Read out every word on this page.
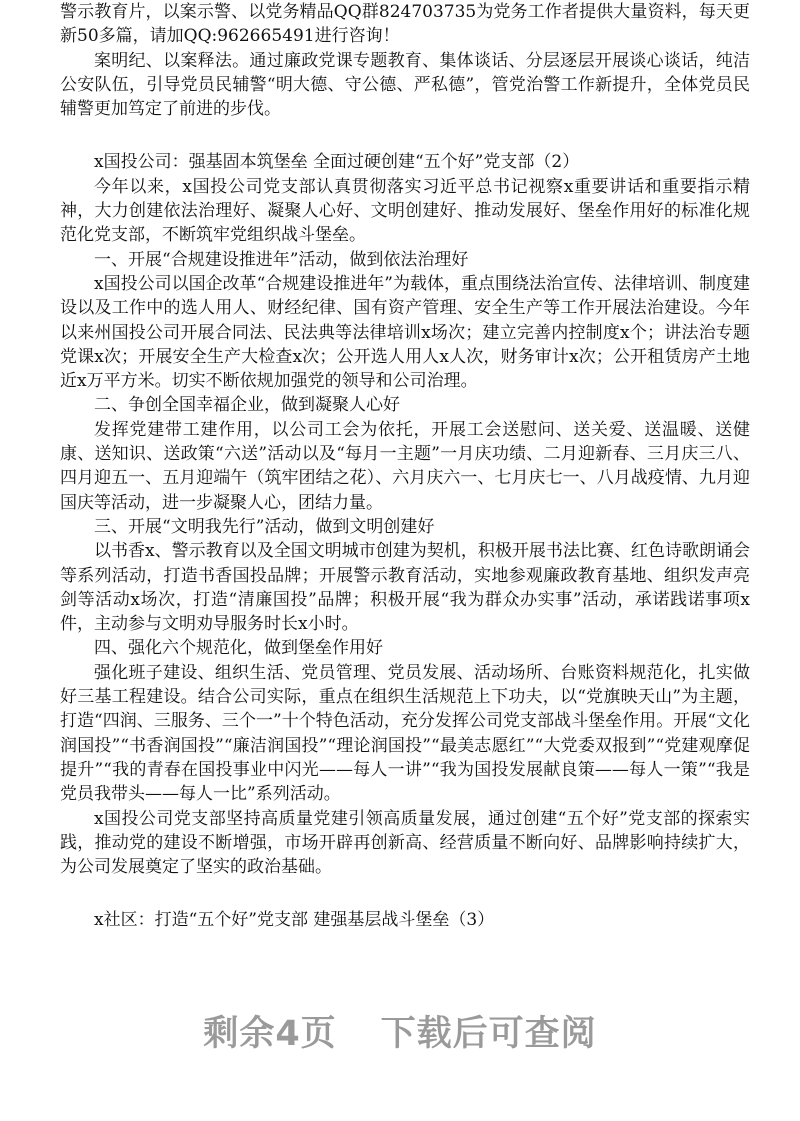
警示教育片，以案示警、以党务精品QQ群824703735为党务工作者提供大量资料，每天更新50多篇，请加QQ:962665491进行咨询！

案明纪、以案释法。通过廉政党课专题教育、集体谈话、分层逐层开展谈心谈话，纯洁公安队伍，引导党员民辅警“明大德、守公德、严私德”，管党治警工作新提升，全体党员民辅警更加笃定了前进的步伐。

x国投公司：强基固本筑堡垒 全面过硬创建“五个好”党支部（2）

今年以来，x国投公司党支部认真贯彻落实习近平总书记视察x重要讲话和重要指示精神，大力创建依法治理好、凝聚人心好、文明创建好、推动发展好、堡垒作用好的标准化规范化党支部，不断筑牢党组织战斗堡垒。

一、开展“合规建设推进年”活动，做到依法治理好

x国投公司以国企改革“合规建设推进年”为载体，重点围绕法治宣传、法律培训、制度建设以及工作中的选人用人、财经纪律、国有资产管理、安全生产等工作开展法治建设。今年以来州国投公司开展合同法、民法典等法律培训x场次；建立完善内控制度x个；讲法治专题党课x次；开展安全生产大检查x次；公开选人用人x人次，财务审计x次；公开租赁房产土地近x万平方米。切实不断依规加强党的领导和公司治理。

二、争创全国幸福企业，做到凝聚人心好

发挥党建带工建作用，以公司工会为依托，开展工会送慰问、送关爱、送温暖、送健康、送知识、送政策“六送”活动以及“每月一主题”一月庆功绩、二月迎新春、三月庆三八、四月迎五一、五月迎端午（筑牢团结之花）、六月庆六一、七月庆七一、八月战疫情、九月迎国庆等活动，进一步凝聚人心，团结力量。

三、开展“文明我先行”活动，做到文明创建好

以书香x、警示教育以及全国文明城市创建为契机，积极开展书法比赛、红色诗歌朗诵会等系列活动，打造书香国投品牌；开展警示教育活动，实地参观廉政教育基地、组织发声亮剑等活动x场次，打造“清廉国投”品牌；积极开展“我为群众办实事”活动，承诺践诺事项x件，主动参与文明劝导服务时长x小时。

四、强化六个规范化，做到堡垒作用好

强化班子建设、组织生活、党员管理、党员发展、活动场所、台账资料规范化，扎实做好三基工程建设。结合公司实际，重点在组织生活规范上下功夫，以“党旗映天山”为主题，打造“四润、三服务、三个一”十个特色活动，充分发挥公司党支部战斗堡垒作用。开展“文化润国投”“书香润国投”“廉洁润国投”“理论润国投”“最美志愿红”“大党委双报到”“党建观摩促提升”“我的青春在国投事业中闪光——每人一讲”“我为国投发展献良策——每人一策”“我是党员我带头——每人一比”系列活动。

x国投公司党支部坚持高质量党建引领高质量发展，通过创建“五个好”党支部的探索实践，推动党的建设不断增强，市场开辟再创新高、经营质量不断向好、品牌影响持续扩大，为公司发展奠定了坚实的政治基础。

x社区：打造“五个好”党支部 建强基层战斗堡垒（3）

剩余4页 下载后可查阅
